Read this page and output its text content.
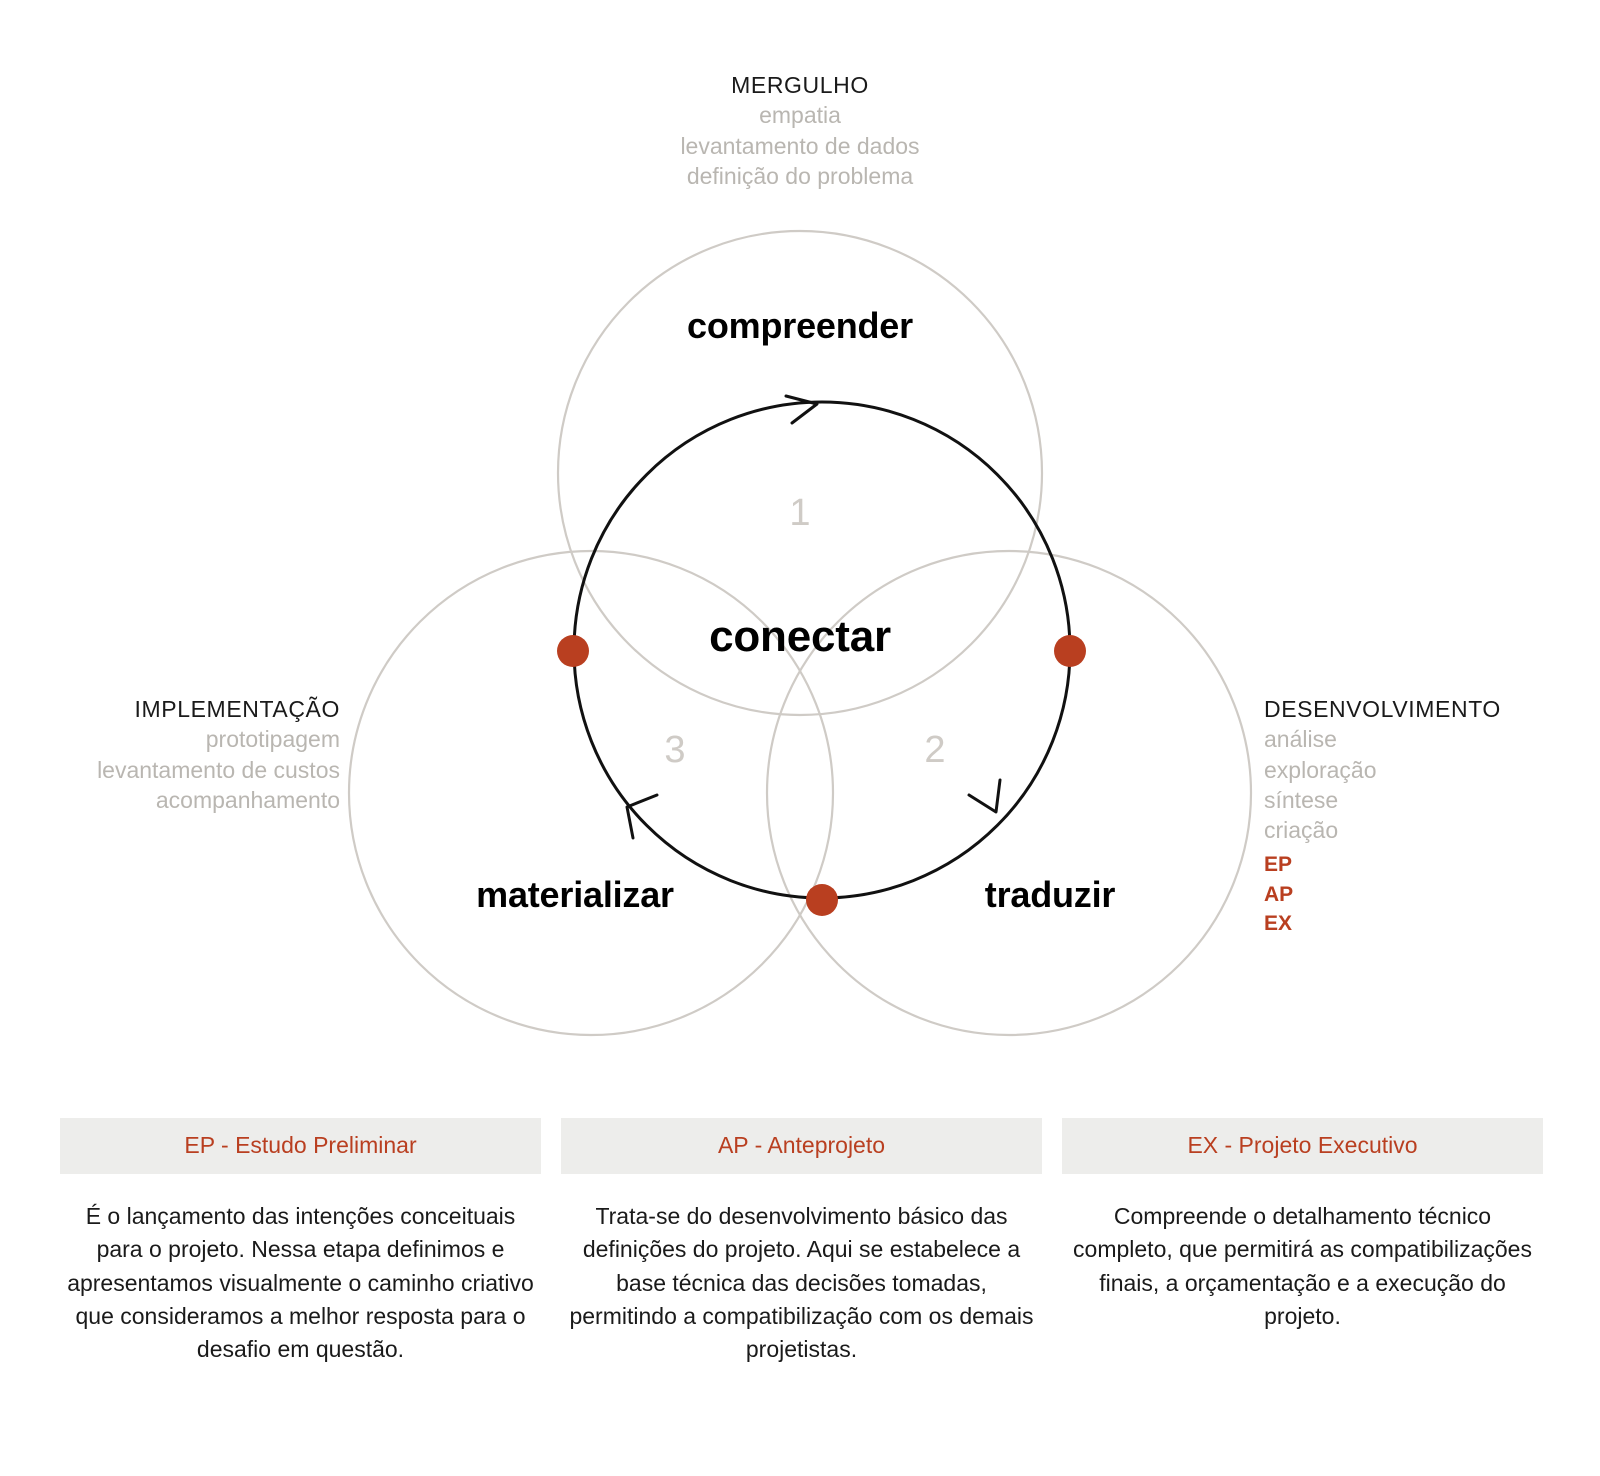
MERGULHO
empatia
levantamento de dados
definição do problema
IMPLEMENTAÇÃO
prototipagem
levantamento de custos
acompanhamento
DESENVOLVIMENTO
análise
exploração
síntese
criação
EP
AP
EX
compreender
conectar
materializar	traduzir
1
2
3
EP - Estudo Preliminar
É o lançamento das intenções conceituais para o projeto. Nessa etapa definimos e apresentamos visualmente o caminho criativo que consideramos a melhor resposta para o desafio em questão.
AP - Anteprojeto
Trata-se do desenvolvimento básico das definições do projeto. Aqui se estabelece a base técnica das decisões tomadas, permitindo a compatibilização com os demais projetistas.
EX - Projeto Executivo
Compreende o detalhamento técnico completo, que permitirá as compatibilizações finais, a orçamentação e a execução do projeto.
